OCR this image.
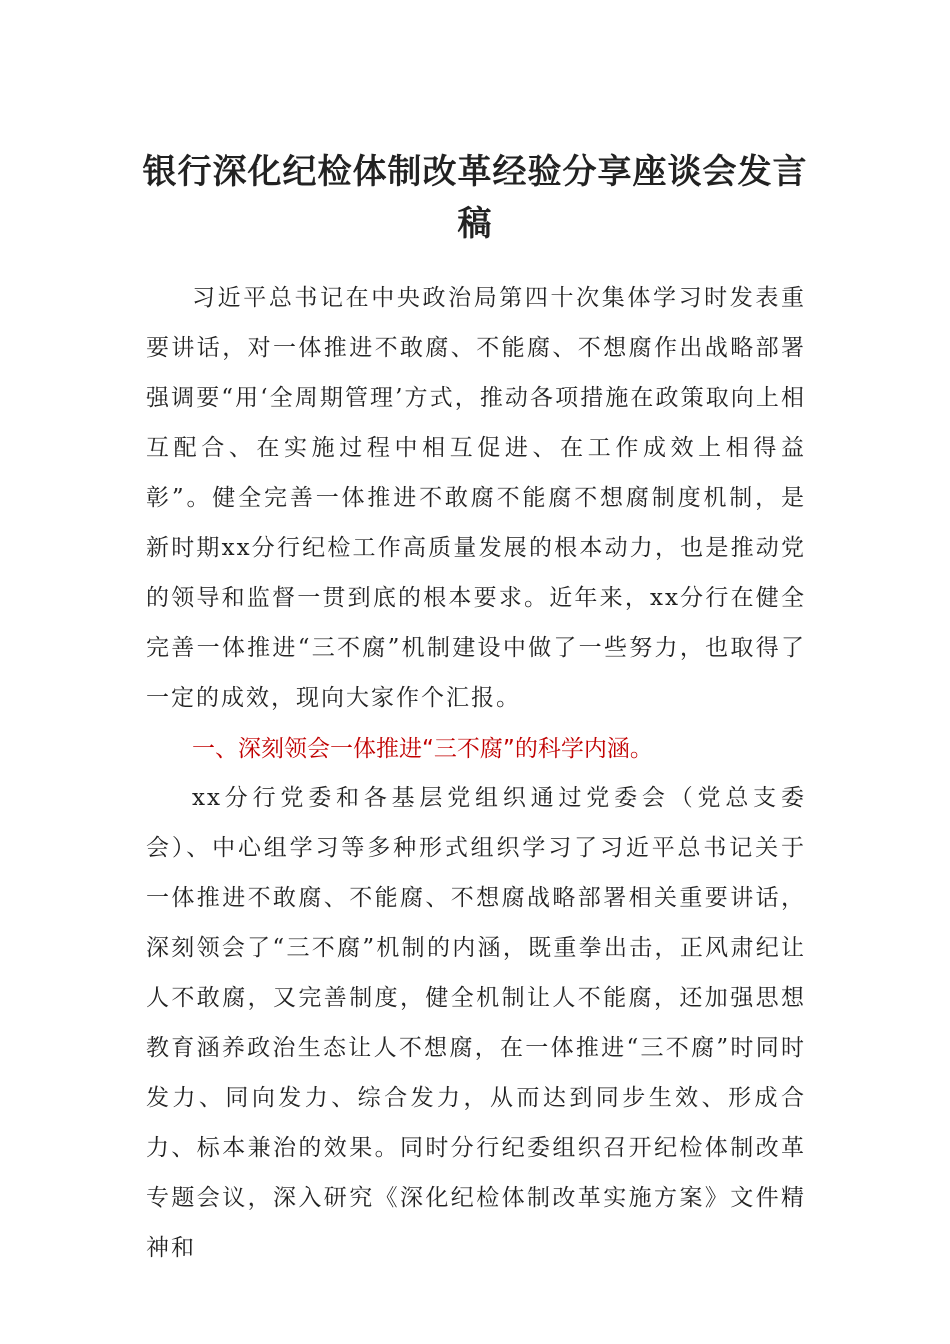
银行深化纪检体制改革经验分享座谈会发言稿

习近平总书记在中央政治局第四十次集体学习时发表重要讲话，对一体推进不敢腐、不能腐、不想腐作出战略部署强调要“用‘全周期管理’方式，推动各项措施在政策取向上相互配合、在实施过程中相互促进、在工作成效上相得益彰”。健全完善一体推进不敢腐不能腐不想腐制度机制，是新时期xx分行纪检工作高质量发展的根本动力，也是推动党的领导和监督一贯到底的根本要求。近年来，xx分行在健全完善一体推进“三不腐”机制建设中做了一些努力，也取得了一定的成效，现向大家作个汇报。

一、深刻领会一体推进“三不腐”的科学内涵。

xx分行党委和各基层党组织通过党委会（党总支委会）、中心组学习等多种形式组织学习了习近平总书记关于一体推进不敢腐、不能腐、不想腐战略部署相关重要讲话，深刻领会了“三不腐”机制的内涵，既重拳出击，正风肃纪让人不敢腐，又完善制度，健全机制让人不能腐，还加强思想教育涵养政治生态让人不想腐，在一体推进“三不腐”时同时发力、同向发力、综合发力，从而达到同步生效、形成合力、标本兼治的效果。同时分行纪委组织召开纪检体制改革专题会议，深入研究《深化纪检体制改革实施方案》文件精神和
